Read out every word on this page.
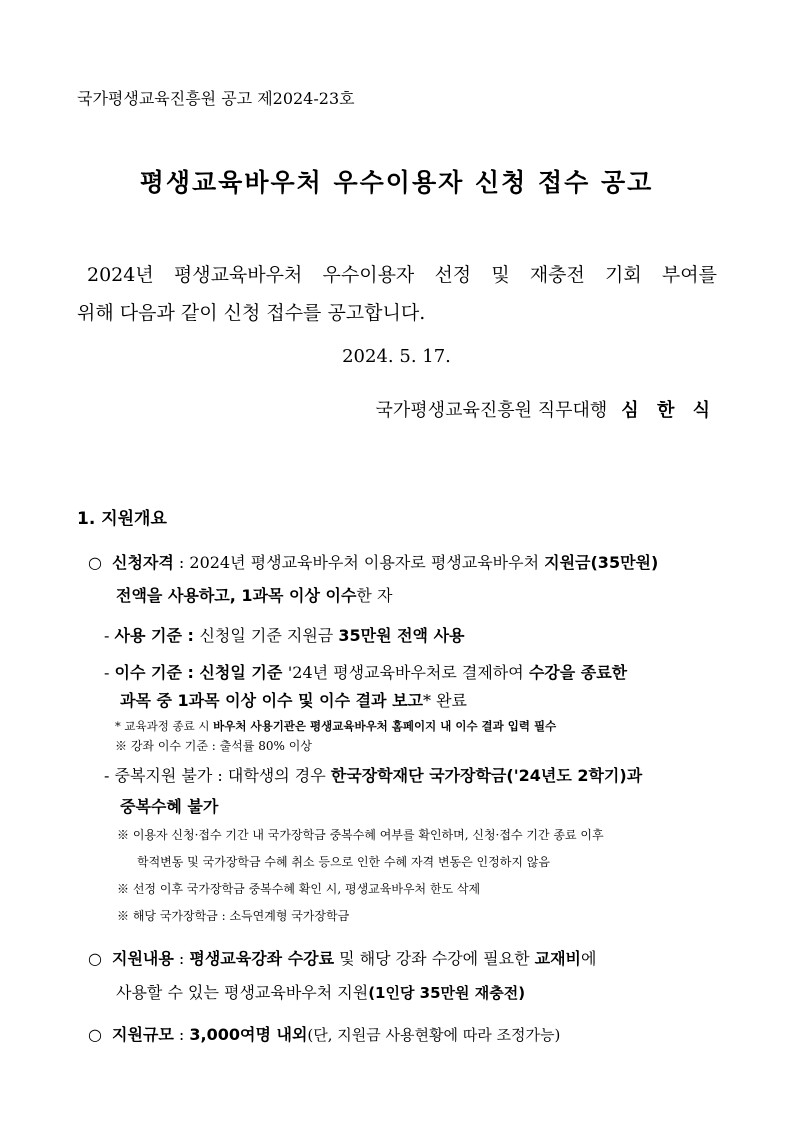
국가평생교육진흥원 공고 제2024-23호
평생교육바우처 우수이용자 신청 접수 공고
2024년 평생교육바우처 우수이용자 선정 및 재충전 기회 부여를
위해 다음과 같이 신청 접수를 공고합니다.
2024. 5. 17.
국가평생교육진흥원 직무대행 심 한 식
1. 지원개요
○ 신청자격 : 2024년 평생교육바우처 이용자로 평생교육바우처 지원금(35만원)
전액을 사용하고, 1과목 이상 이수한 자
- 사용 기준 : 신청일 기준 지원금 35만원 전액 사용
- 이수 기준 : 신청일 기준 '24년 평생교육바우처로 결제하여 수강을 종료한
과목 중 1과목 이상 이수 및 이수 결과 보고* 완료
* 교육과정 종료 시 바우처 사용기관은 평생교육바우처 홈페이지 내 이수 결과 입력 필수
※ 강좌 이수 기준 : 출석률 80% 이상
- 중복지원 불가 : 대학생의 경우 한국장학재단 국가장학금('24년도 2학기)과
중복수혜 불가
※ 이용자 신청·접수 기간 내 국가장학금 중복수혜 여부를 확인하며, 신청·접수 기간 종료 이후
학적변동 및 국가장학금 수혜 취소 등으로 인한 수혜 자격 변동은 인정하지 않음
※ 선정 이후 국가장학금 중복수혜 확인 시, 평생교육바우처 한도 삭제
※ 해당 국가장학금 : 소득연계형 국가장학금
○ 지원내용 : 평생교육강좌 수강료 및 해당 강좌 수강에 필요한 교재비에
사용할 수 있는 평생교육바우처 지원(1인당 35만원 재충전)
○ 지원규모 : 3,000여명 내외(단, 지원금 사용현황에 따라 조정가능)
